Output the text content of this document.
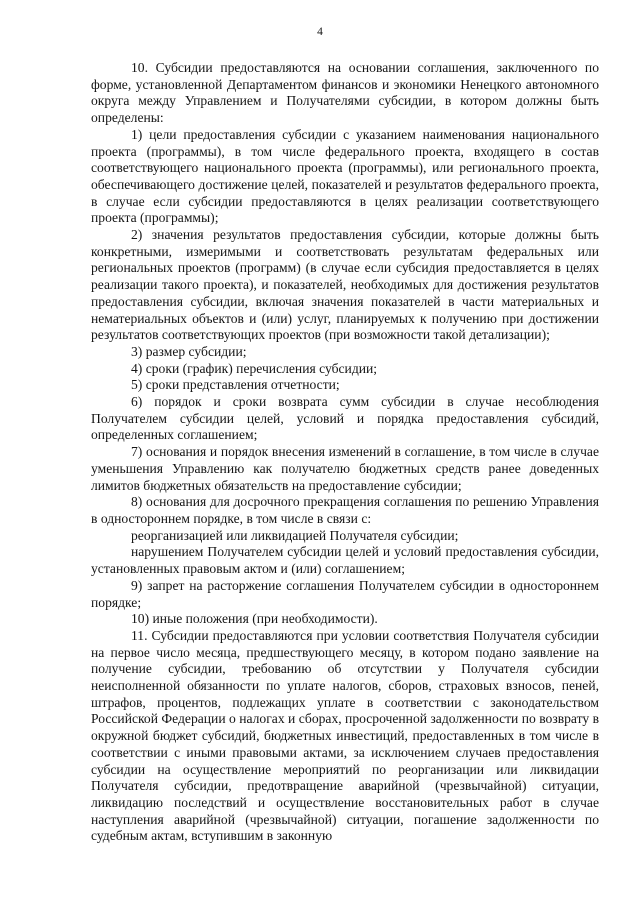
4

10. Субсидии предоставляются на основании соглашения, заключенного по форме, установленной Департаментом финансов и экономики Ненецкого автономного округа между Управлением и Получателями субсидии, в котором должны быть определены:

1) цели предоставления субсидии с указанием наименования национального проекта (программы), в том числе федерального проекта, входящего в состав соответствующего национального проекта (программы), или регионального проекта, обеспечивающего достижение целей, показателей и результатов федерального проекта, в случае если субсидии предоставляются в целях реализации соответствующего проекта (программы);

2) значения результатов предоставления субсидии, которые должны быть конкретными, измеримыми и соответствовать результатам федеральных или региональных проектов (программ) (в случае если субсидия предоставляется в целях реализации такого проекта), и показателей, необходимых для достижения результатов предоставления субсидии, включая значения показателей в части материальных и нематериальных объектов и (или) услуг, планируемых к получению при достижении результатов соответствующих проектов (при возможности такой детализации);

3) размер субсидии;

4) сроки (график) перечисления субсидии;

5) сроки представления отчетности;

6) порядок и сроки возврата сумм субсидии в случае несоблюдения Получателем субсидии целей, условий и порядка предоставления субсидий, определенных соглашением;

7) основания и порядок внесения изменений в соглашение, в том числе в случае уменьшения Управлению как получателю бюджетных средств ранее доведенных лимитов бюджетных обязательств на предоставление субсидии;

8) основания для досрочного прекращения соглашения по решению Управления в одностороннем порядке, в том числе в связи с:

реорганизацией или ликвидацией Получателя субсидии;

нарушением Получателем субсидии целей и условий предоставления субсидии, установленных правовым актом и (или) соглашением;

9) запрет на расторжение соглашения Получателем субсидии в одностороннем порядке;

10) иные положения (при необходимости).

11. Субсидии предоставляются при условии соответствия Получателя субсидии на первое число месяца, предшествующего месяцу, в котором подано заявление на получение субсидии, требованию об отсутствии у Получателя субсидии неисполненной обязанности по уплате налогов, сборов, страховых взносов, пеней, штрафов, процентов, подлежащих уплате в соответствии с законодательством Российской Федерации о налогах и сборах, просроченной задолженности по возврату в окружной бюджет субсидий, бюджетных инвестиций, предоставленных в том числе в соответствии с иными правовыми актами, за исключением случаев предоставления субсидии на осуществление мероприятий по реорганизации или ликвидации Получателя субсидии, предотвращение аварийной (чрезвычайной) ситуации, ликвидацию последствий и осуществление восстановительных работ в случае наступления аварийной (чрезвычайной) ситуации, погашение задолженности по судебным актам, вступившим в законную
